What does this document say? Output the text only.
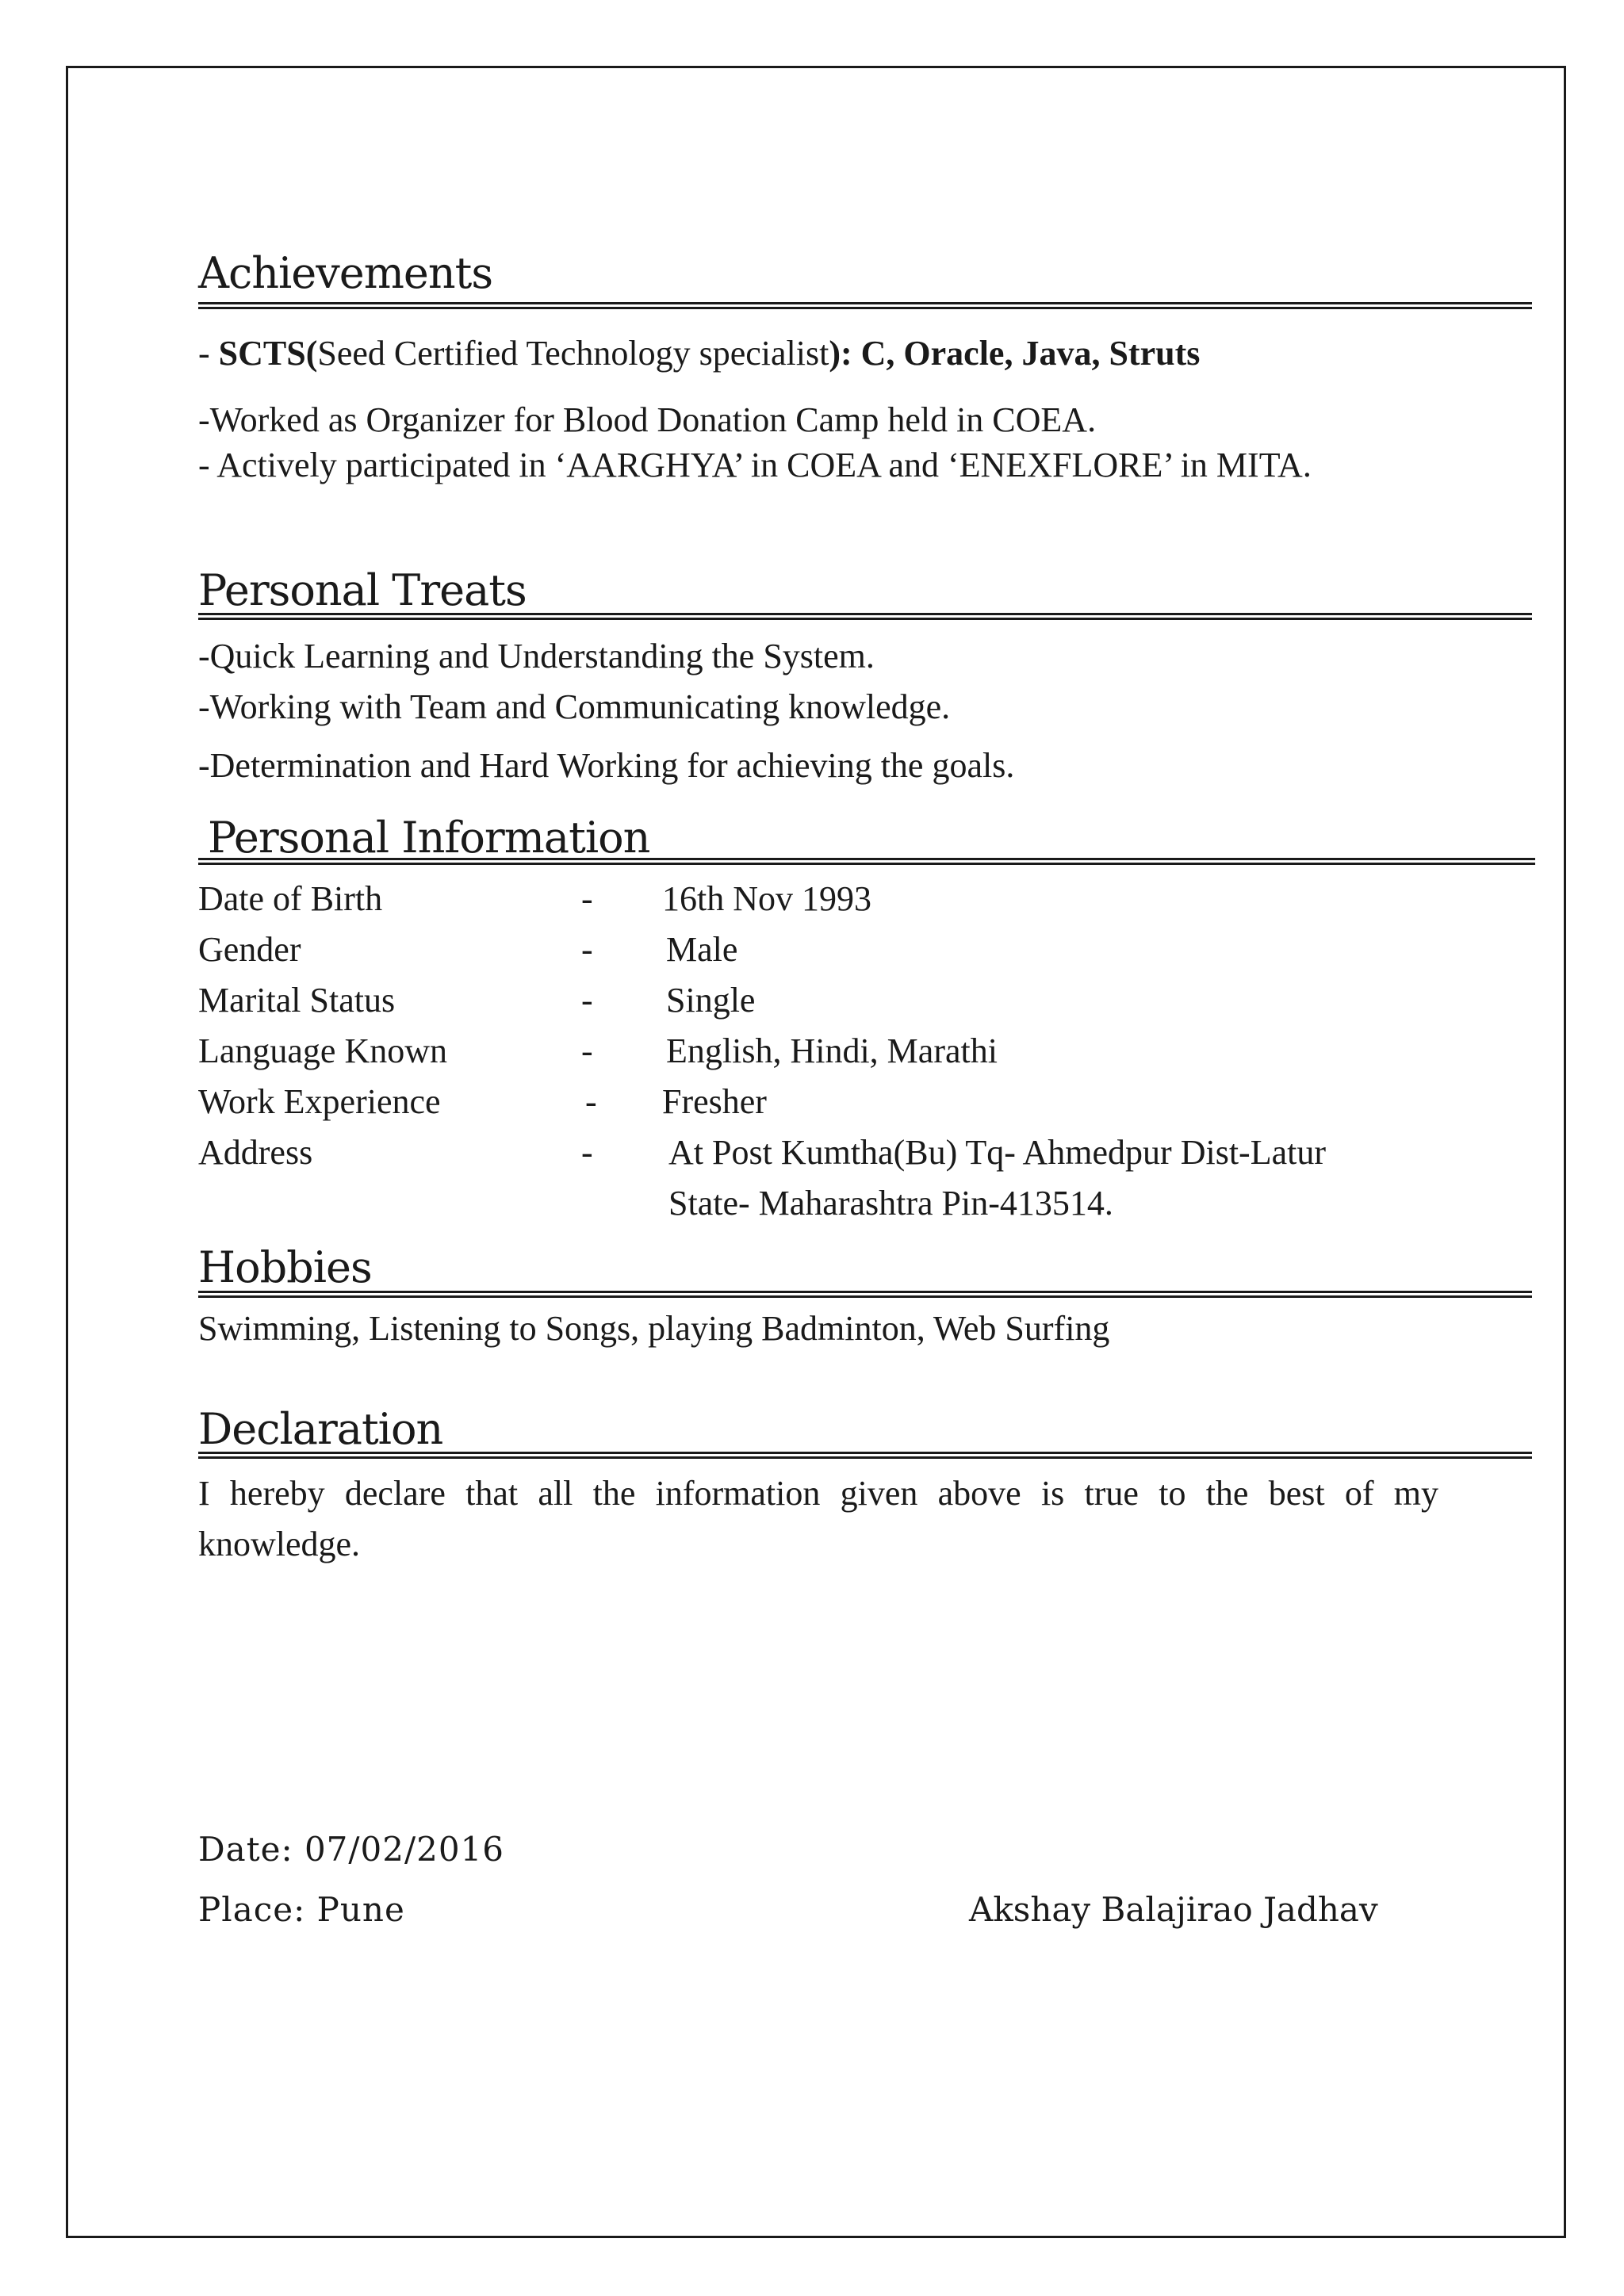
Achievements
- SCTS(Seed Certified Technology specialist): C, Oracle, Java, Struts
-Worked as Organizer for Blood Donation Camp held in COEA.
- Actively participated in ‘AARGHYA’ in COEA and ‘ENEXFLORE’ in MITA.
Personal Treats
-Quick Learning and Understanding the System.
-Working with Team and Communicating knowledge.
-Determination and Hard Working for achieving the goals.
Personal Information
Date of Birth	- 16th Nov 1993
Gender	- Male
Marital Status	- Single
Language Known	- English, Hindi, Marathi
Work Experience	- Fresher
Address	- At Post Kumtha(Bu) Tq- Ahmedpur Dist-Latur
State- Maharashtra Pin-413514.
Hobbies
Swimming, Listening to Songs, playing Badminton, Web Surfing
Declaration
I hereby declare that all the information given above is true to the best of my knowledge.
Date: 07/02/2016
Place: Pune	Akshay Balajirao Jadhav
